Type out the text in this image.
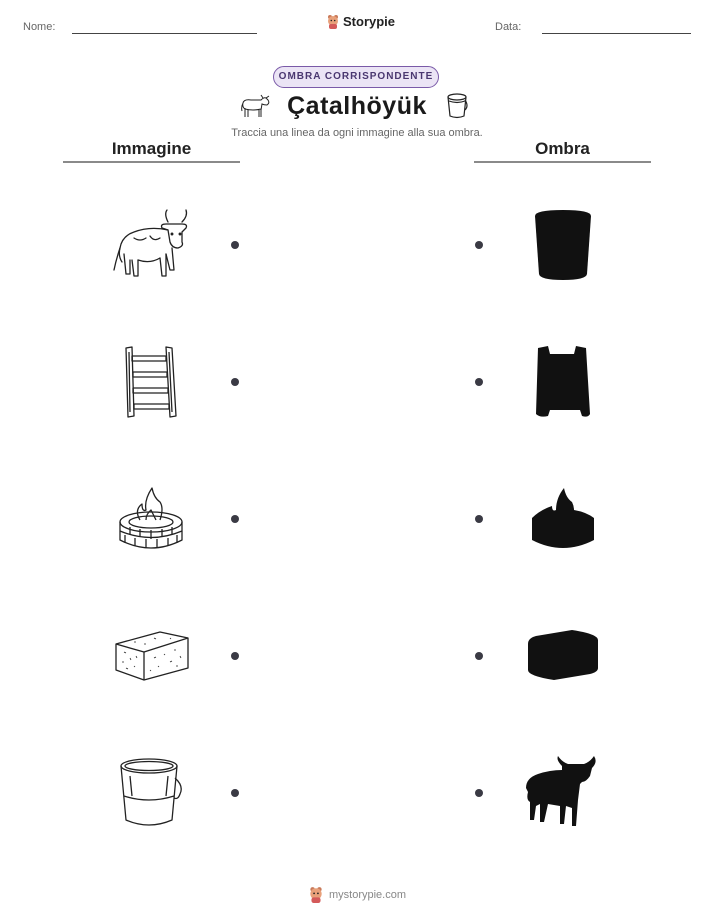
Nome:	Storypie	Data:
OMBRA CORRISPONDENTE
Çatalhöyük
Traccia una linea da ogni immagine alla sua ombra.
Immagine	Ombra
mystorypie.com
